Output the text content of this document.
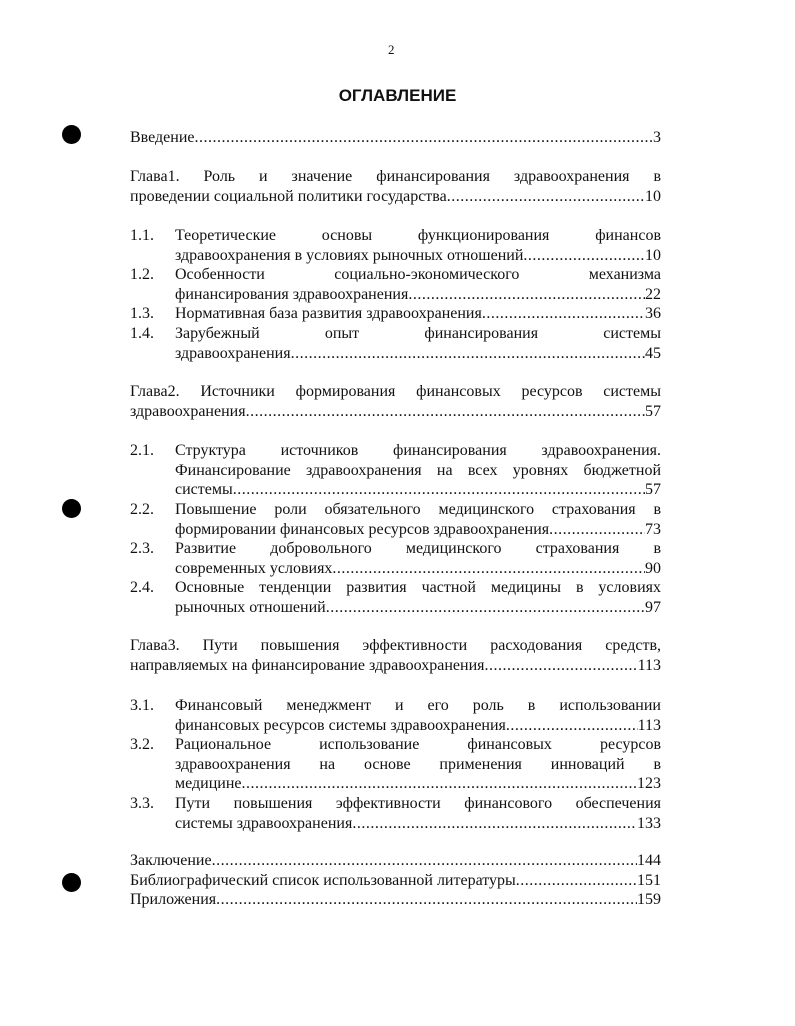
2
ОГЛАВЛЕНИЕ
Введение .....	3
Глава1. Роль и значение финансирования здравоохранения в
проведении социальной политики государства .....	10
1.1. Теоретические основы функционирования финансов
здравоохранения в условиях рыночных отношений .....	10
1.2. Особенности социально-экономического механизма
финансирования здравоохранения .....	22
1.3. Нормативная база развития здравоохранения .....	36
1.4. Зарубежный опыт финансирования системы
здравоохранения .....	45
Глава2. Источники формирования финансовых ресурсов системы
здравоохранения .....	57
2.1. Структура источников финансирования здравоохранения.
Финансирование здравоохранения на всех уровнях бюджетной
системы .....	57
2.2. Повышение роли обязательного медицинского страхования в
формировании финансовых ресурсов здравоохранения .....	73
2.3. Развитие добровольного медицинского страхования в
современных условиях .....	90
2.4. Основные тенденции развития частной медицины в условиях
рыночных отношений .....	97
Глава3. Пути повышения эффективности расходования средств,
направляемых на финансирование здравоохранения .....	113
3.1. Финансовый менеджмент и его роль в использовании
финансовых ресурсов системы здравоохранения .....	113
3.2. Рациональное использование финансовых ресурсов
здравоохранения на основе применения инноваций в
медицине .....	123
3.3. Пути повышения эффективности финансового обеспечения
системы здравоохранения .....	133
Заключение .....	144
Библиографический список использованной литературы .....	151
Приложения .....	159
